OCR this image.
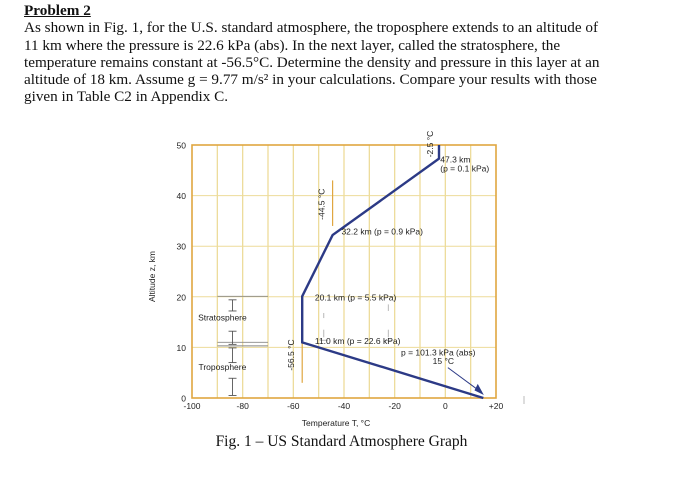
Problem 2
As shown in Fig. 1, for the U.S. standard atmosphere, the troposphere extends to an altitude of
11 km where the pressure is 22.6 kPa (abs). In the next layer, called the stratosphere, the
temperature remains constant at -56.5°C. Determine the density and pressure in this layer at an
altitude of 18 km. Assume g = 9.77 m/s² in your calculations. Compare your results with those
given in Table C2 in Appendix C.
0
10
20
30
40
50
-100	-80	-60	-40	-20	0	+20
Temperature T, °C
Altitude z, km
-56.5 °C
-44.5 °C
-2.5 °C
Stratosphere
Troposphere
47.3 km
(p = 0.1 kPa)
32.2 km (p = 0.9 kPa)
20.1 km (p = 5.5 kPa)
11.0 km (p = 22.6 kPa)
p = 101.3 kPa (abs)
15 °C
Fig. 1 – US Standard Atmosphere Graph
